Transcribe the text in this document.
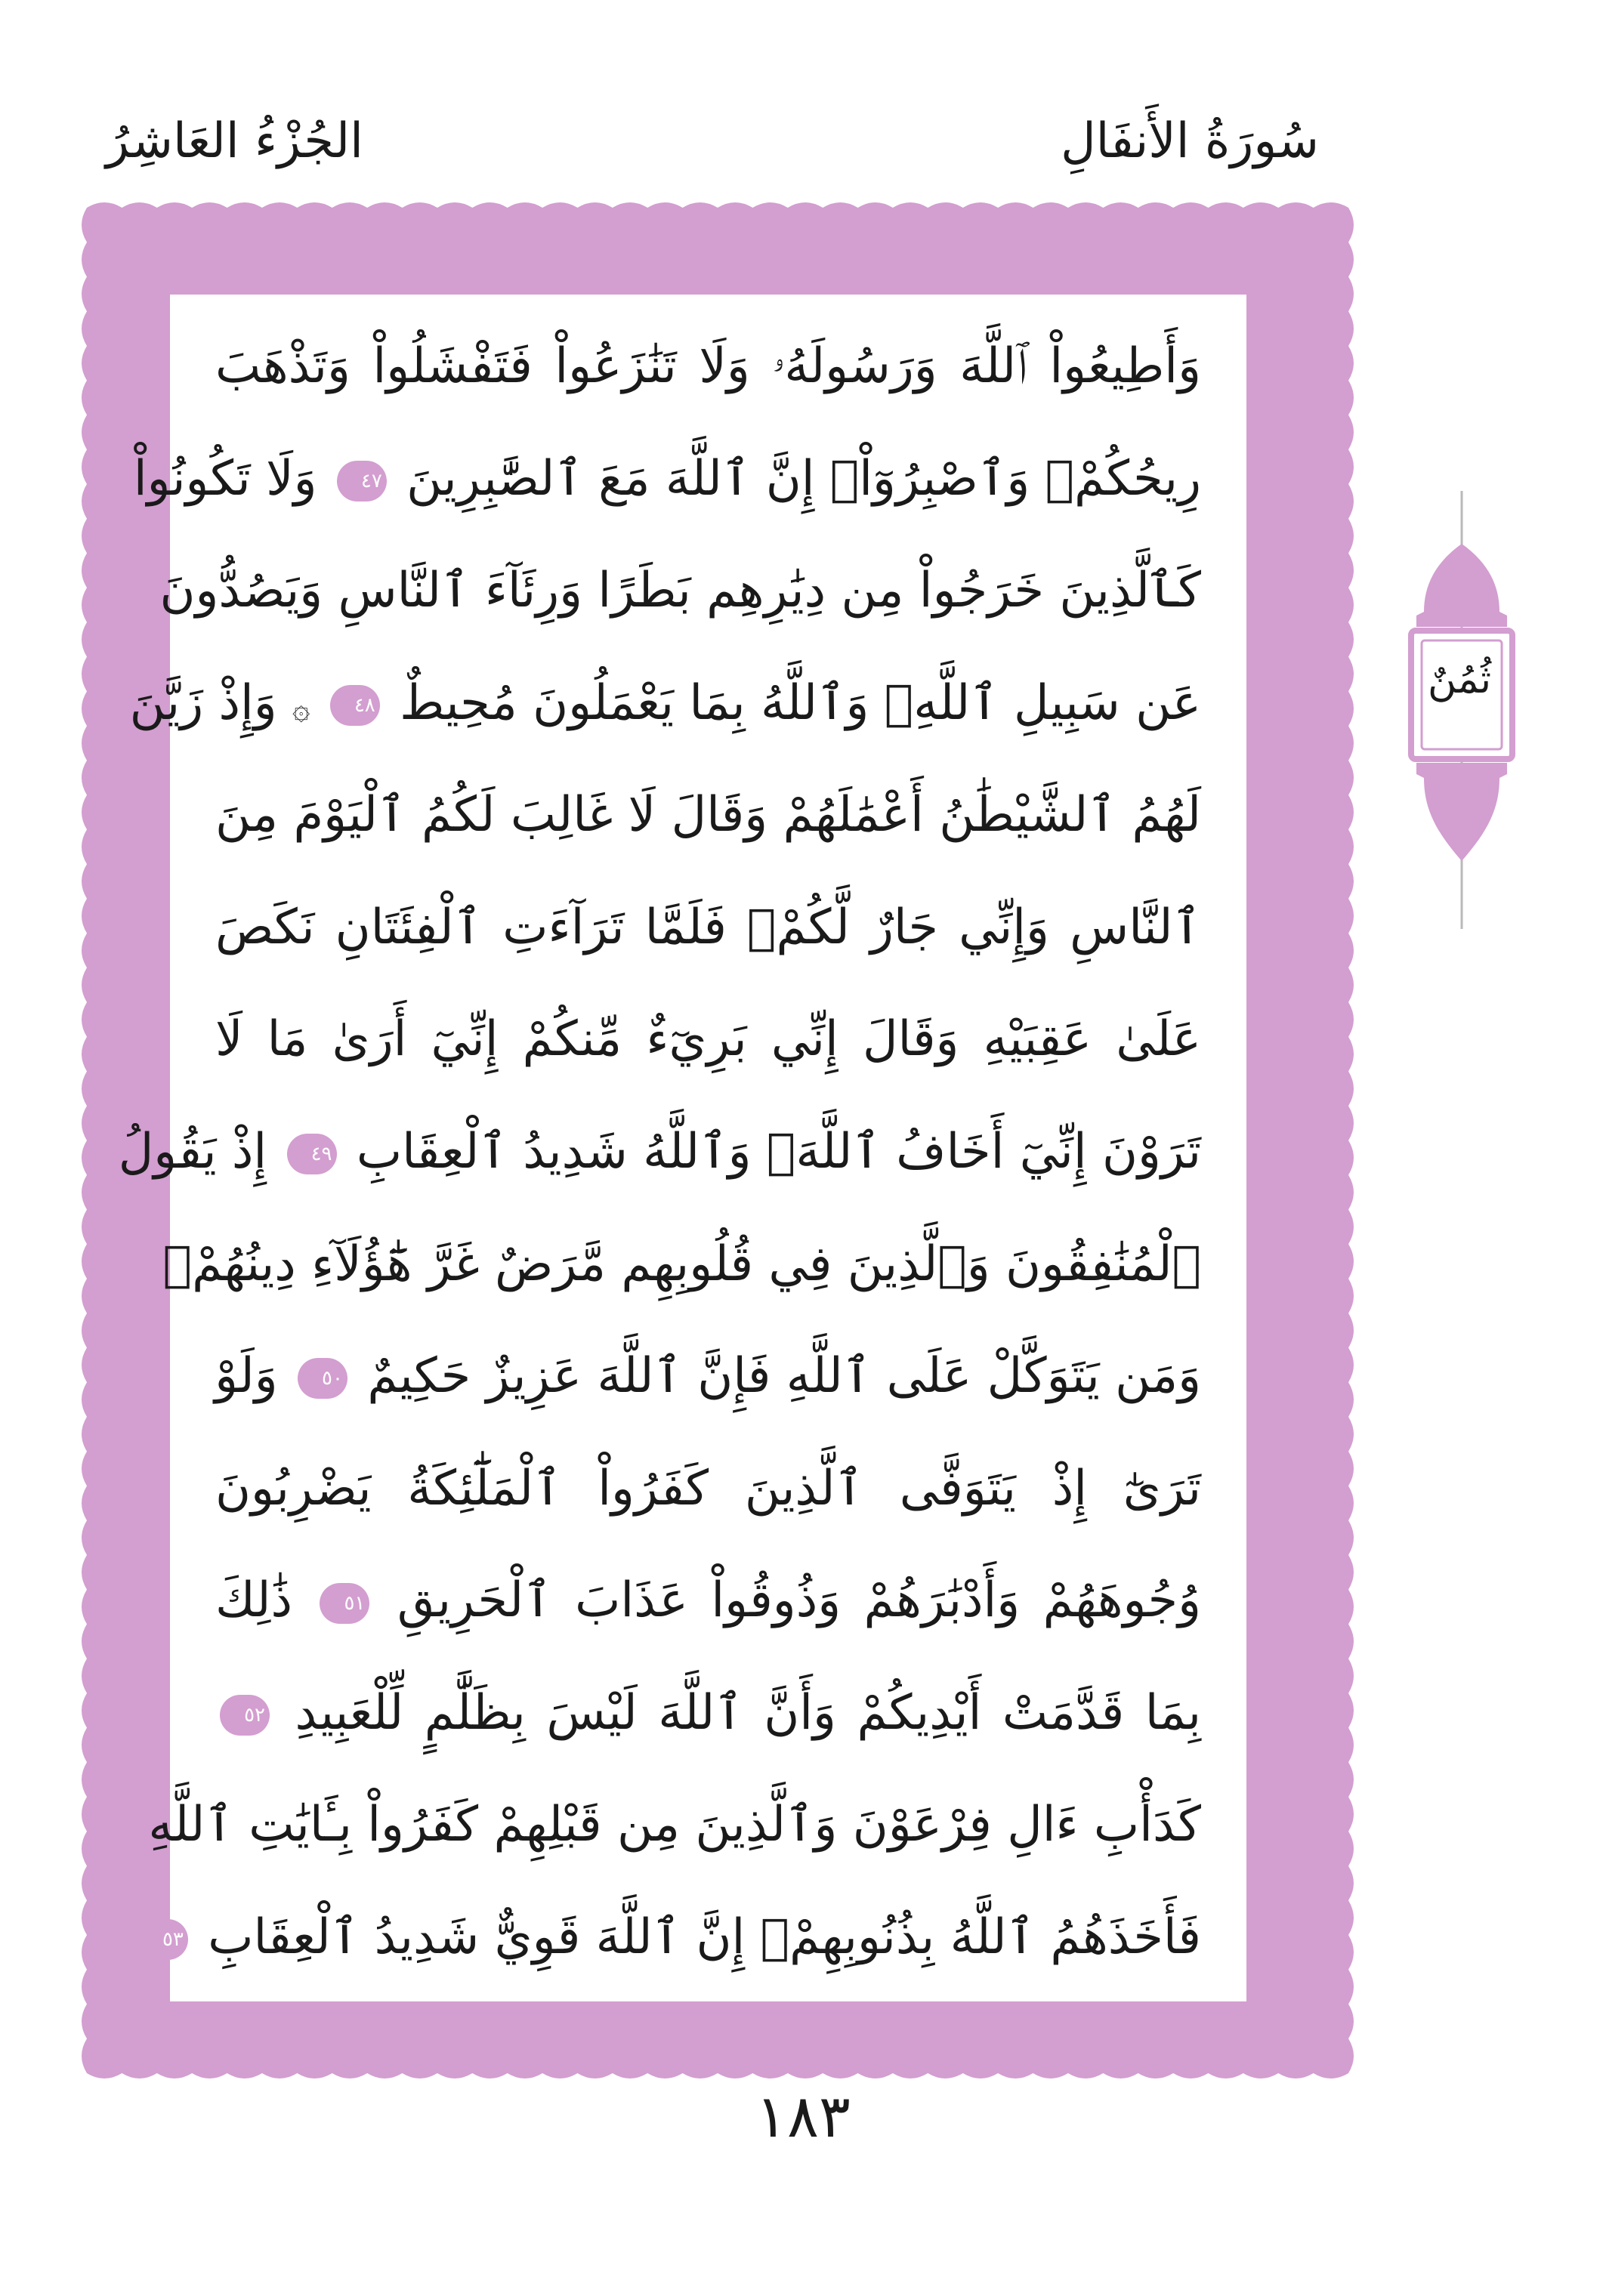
سُورَةُ الأَنفَالِ
الجُزْءُ العَاشِرُ
وَأَطِيعُواْ ٱللَّهَ وَرَسُولَهُۥ وَلَا تَنَٰزَعُواْ فَتَفْشَلُواْ وَتَذْهَبَ
رِيحُكُمْۖ وَٱصْبِرُوٓاْۚ إِنَّ ٱللَّهَ مَعَ ٱلصَّٰبِرِينَ ٤٧ وَلَا تَكُونُواْ
كَٱلَّذِينَ خَرَجُواْ مِن دِيَٰرِهِم بَطَرًا وَرِئَآءَ ٱلنَّاسِ وَيَصُدُّونَ
عَن سَبِيلِ ٱللَّهِۚ وَٱللَّهُ بِمَا يَعْمَلُونَ مُحِيطٌ ٤٨ ۞ وَإِذْ زَيَّنَ
لَهُمُ ٱلشَّيْطَٰنُ أَعْمَٰلَهُمْ وَقَالَ لَا غَالِبَ لَكُمُ ٱلْيَوْمَ مِنَ
ٱلنَّاسِ وَإِنِّي جَارٌ لَّكُمْۖ فَلَمَّا تَرَآءَتِ ٱلْفِئَتَانِ نَكَصَ
عَلَىٰ عَقِبَيْهِ وَقَالَ إِنِّي بَرِيٓءٌ مِّنكُمْ إِنِّيٓ أَرَىٰ مَا لَا
تَرَوْنَ إِنِّيٓ أَخَافُ ٱللَّهَۚ وَٱللَّهُ شَدِيدُ ٱلْعِقَابِ ٤٩ إِذْ يَقُولُ
ٱلْمُنَٰفِقُونَ وَٱلَّذِينَ فِي قُلُوبِهِم مَّرَضٌ غَرَّ هَٰٓؤُلَآءِ دِينُهُمْۗ
وَمَن يَتَوَكَّلْ عَلَى ٱللَّهِ فَإِنَّ ٱللَّهَ عَزِيزٌ حَكِيمٌ ٥٠ وَلَوْ
تَرَىٰٓ إِذْ يَتَوَفَّى ٱلَّذِينَ كَفَرُواْ ٱلْمَلَٰٓئِكَةُ يَضْرِبُونَ
وُجُوهَهُمْ وَأَدْبَٰرَهُمْ وَذُوقُواْ عَذَابَ ٱلْحَرِيقِ ٥١ ذَٰلِكَ
بِمَا قَدَّمَتْ أَيْدِيكُمْ وَأَنَّ ٱللَّهَ لَيْسَ بِظَلَّٰمٍ لِّلْعَبِيدِ ٥٢
كَدَأْبِ ءَالِ فِرْعَوْنَ وَٱلَّذِينَ مِن قَبْلِهِمْ كَفَرُواْ بِـَٔايَٰتِ ٱللَّهِ
فَأَخَذَهُمُ ٱللَّهُ بِذُنُوبِهِمْۗ إِنَّ ٱللَّهَ قَوِيٌّ شَدِيدُ ٱلْعِقَابِ ٥٣
ثُمُنٌ
١٨٣
